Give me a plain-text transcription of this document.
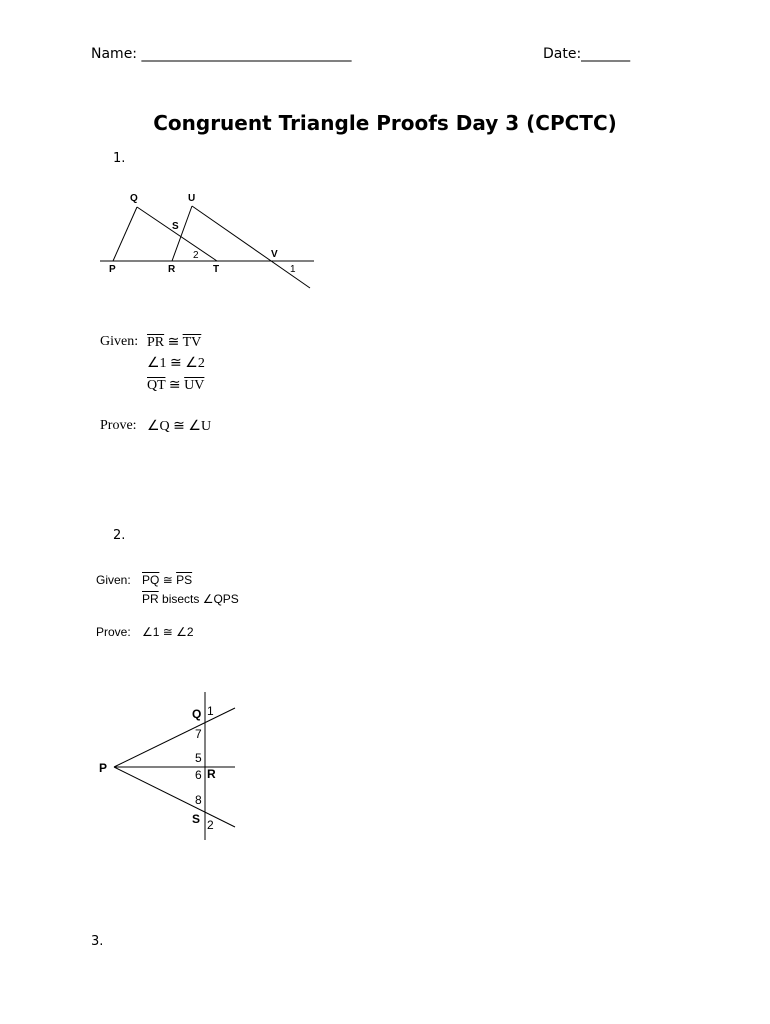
Name: ______________________________	Date:_______
Congruent Triangle Proofs Day 3 (CPCTC)
1.
Q	U
S
P	R	T
V
2
1
Given: $\overline{PR}$ ≅ $\overline{TV}$
∠1 ≅ ∠2
$\overline{QT}$ ≅ $\overline{UV}$
Prove: ∠Q ≅ ∠U
2.
Given: $\overline{PQ}$ ≅ $\overline{PS}$
$\overline{PR}$ bisects ∠QPS
Prove: ∠1 ≅ ∠2
P
Q
R
S
1
7
5
6
8
2
3.
